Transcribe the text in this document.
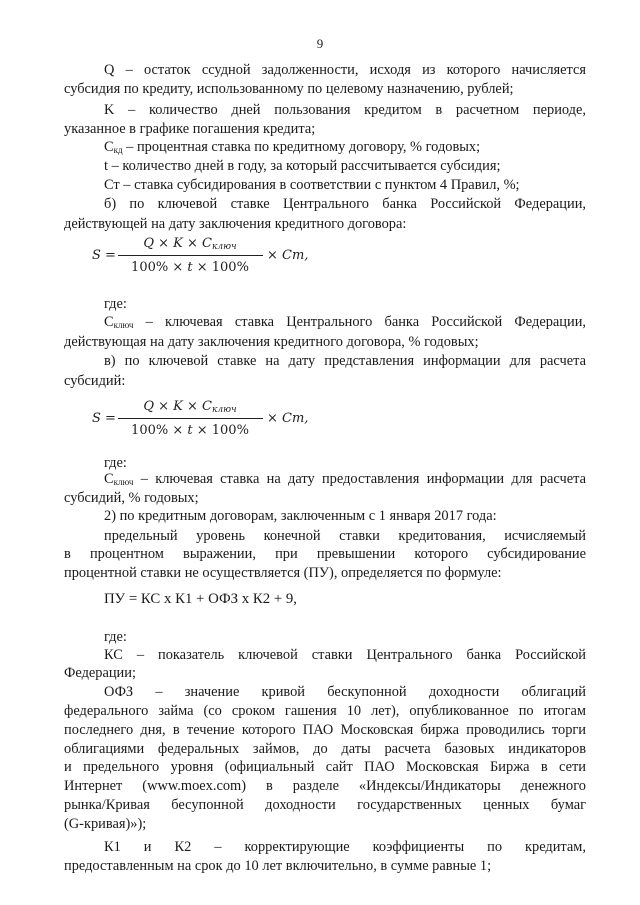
9
Q – остаток ссудной задолженности, исходя из которого начисляется
субсидия по кредиту, использованному по целевому назначению, рублей;
K – количество дней пользования кредитом в расчетном периоде,
указанное в графике погашения кредита;
$С_{кд}$ – процентная ставка по кредитному договору, % годовых;
t – количество дней в году, за который рассчитывается субсидия;
Ст – ставка субсидирования в соответствии с пунктом 4 Правил, %;
б) по ключевой ставке Центрального банка Российской Федерации,
действующей на дату заключения кредитного договора:
S =
$Q \times K \times C_{ключ}$
100% × t × 100%
× Cm,
где:
$С_{ключ}$ – ключевая ставка Центрального банка Российской Федерации,
действующая на дату заключения кредитного договора, % годовых;
в) по ключевой ставке на дату представления информации для расчета
субсидий:
S =
$Q \times K \times C_{ключ}$
100% × t × 100%
× Cm,
где:
$С_{ключ}$ – ключевая ставка на дату предоставления информации для расчета
субсидий, % годовых;
2) по кредитным договорам, заключенным с 1 января 2017 года:
предельный уровень конечной ставки кредитования, исчисляемый
в процентном выражении, при превышении которого субсидирование
процентной ставки не осуществляется (ПУ), определяется по формуле:
ПУ = КС х К1 + ОФЗ х К2 + 9,
где:
КС – показатель ключевой ставки Центрального банка Российской
Федерации;
ОФЗ – значение кривой бескупонной доходности облигаций
федерального займа (со сроком гашения 10 лет), опубликованное по итогам
последнего дня, в течение которого ПАО Московская биржа проводились торги
облигациями федеральных займов, до даты расчета базовых индикаторов
и предельного уровня (официальный сайт ПАО Московская Биржа в сети
Интернет (www.moex.com) в разделе «Индексы/Индикаторы денежного
рынка/Кривая бесупонной доходности государственных ценных бумаг
(G-кривая)»);
К1 и К2 – корректирующие коэффициенты по кредитам,
предоставленным на срок до 10 лет включительно, в сумме равные 1;
